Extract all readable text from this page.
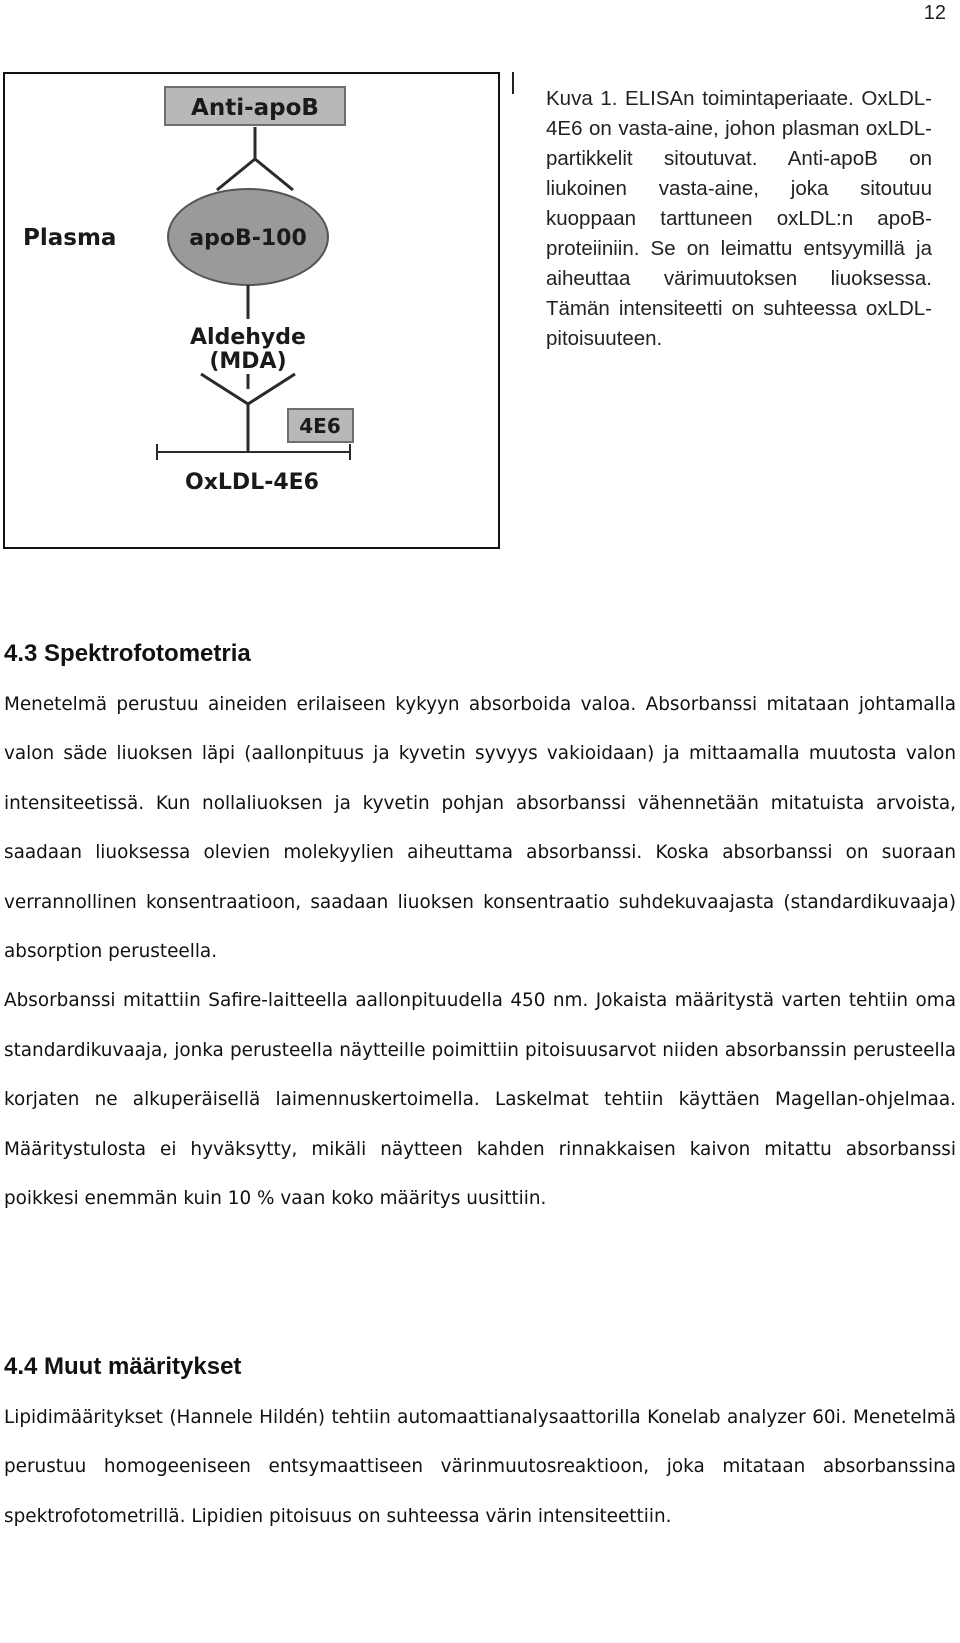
12
Anti-apoB
apoB-100
Plasma
Aldehyde
(MDA)
4E6
OxLDL-4E6

Kuva 1. ELISAn toimintaperiaate. OxLDL-4E6 on vasta-aine, johon plasman oxLDL-partikkelit sitoutuvat. Anti-apoB on liukoinen vasta-aine, joka sitoutuu kuoppaan tarttuneen oxLDL:n apoB-proteiiniin. Se on leimattu entsyymillä ja aiheuttaa värimuutoksen liuoksessa. Tämän intensiteetti on suhteessa oxLDL-pitoisuuteen.

4.3 Spektrofotometria

Menetelmä perustuu aineiden erilaiseen kykyyn absorboida valoa. Absorbanssi mitataan johtamalla valon säde liuoksen läpi (aallonpituus ja kyvetin syvyys vakioidaan) ja mittaamalla muutosta valon intensiteetissä. Kun nollaliuoksen ja kyvetin pohjan absorbanssi vähennetään mitatuista arvoista, saadaan liuoksessa olevien molekyylien aiheuttama absorbanssi. Koska absorbanssi on suoraan verrannollinen konsentraatioon, saadaan liuoksen konsentraatio suhdekuvaajasta (standardikuvaaja) absorption perusteella.

Absorbanssi mitattiin Safire-laitteella aallonpituudella 450 nm. Jokaista määritystä varten tehtiin oma standardikuvaaja, jonka perusteella näytteille poimittiin pitoisuusarvot niiden absorbanssin perusteella korjaten ne alkuperäisellä laimennuskertoimella. Laskelmat tehtiin käyttäen Magellan-ohjelmaa. Määritystulosta ei hyväksytty, mikäli näytteen kahden rinnakkaisen kaivon mitattu absorbanssi poikkesi enemmän kuin 10 % vaan koko määritys uusittiin.

4.4 Muut määritykset

Lipidimääritykset (Hannele Hildén) tehtiin automaattianalysaattorilla Konelab analyzer 60i. Menetelmä perustuu homogeeniseen entsymaattiseen värinmuutosreaktioon, joka mitataan absorbanssina spektrofotometrillä. Lipidien pitoisuus on suhteessa värin intensiteettiin.
